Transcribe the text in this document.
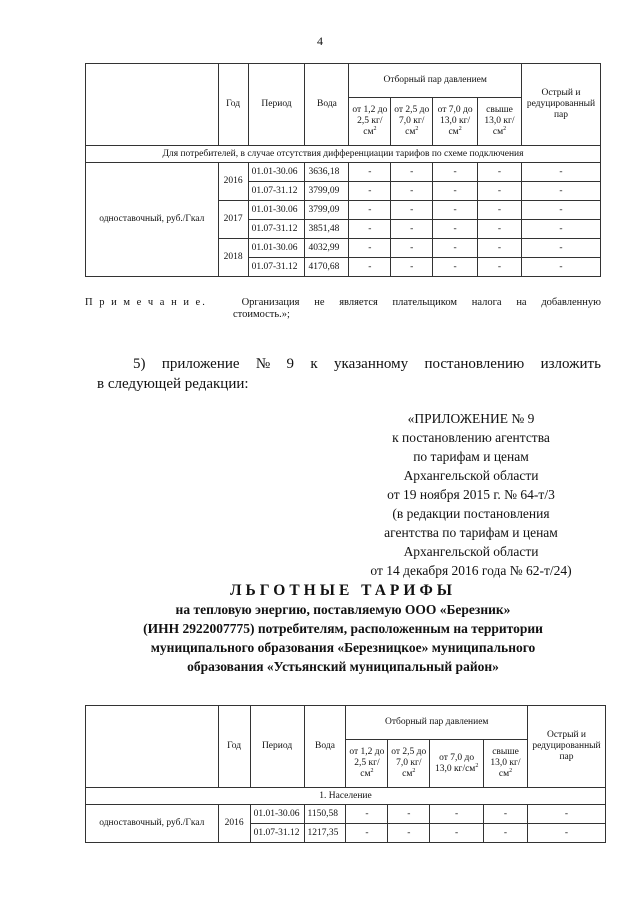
4
	Год	Период	Вода	Отборный пар давлением				Острый и редуцированный пар
				от 1,2 до 2,5 $кг/см^2$	от 2,5 до 7,0 $кг/см^2$	от 7,0 до 13,0 $кг/см^2$	свыше 13,0 $кг/см^2$
Для потребителей, в случае отсутствия дифференциации тарифов по схеме подключения								
одноставочный, руб./Гкал	2016	01.01-30.06	3636,18	-	-	-	-	-
		01.07-31.12	3799,09	-	-	-	-	-
	2017	01.01-30.06	3799,09	-	-	-	-	-
		01.07-31.12	3851,48	-	-	-	-	-
	2018	01.01-30.06	4032,99	-	-	-	-	-
		01.07-31.12	4170,68	-	-	-	-	-
П р и м е ч а н и е.	Организация не является плательщиком налога на добавленную
стоимость.»;
5) приложение № 9 к указанному постановлению изложить
в следующей редакции:
«ПРИЛОЖЕНИЕ № 9
к постановлению агентства
по тарифам и ценам
Архангельской области
от 19 ноября 2015 г. № 64-т/3
(в редакции постановления
агентства по тарифам и ценам
Архангельской области
от 14 декабря 2016 года № 62-т/24)
ЛЬГОТНЫЕ ТАРИФЫ
на тепловую энергию, поставляемую ООО «Березник»
(ИНН 2922007775) потребителям, расположенным на территории
муниципального образования «Березницкое» муниципального
образования «Устьянский муниципальный район»
	Год	Период	Вода	Отборный пар давлением				Острый и редуцированный пар
				от 1,2 до 2,5 $кг/см^2$	от 2,5 до 7,0 $кг/см^2$	от 7,0 до 13,0 $кг/см^2$	свыше 13,0 $кг/см^2$
1. Население								
одноставочный, руб./Гкал	2016	01.01-30.06	1150,58	-	-	-	-	-
		01.07-31.12	1217,35	-	-	-	-	-
